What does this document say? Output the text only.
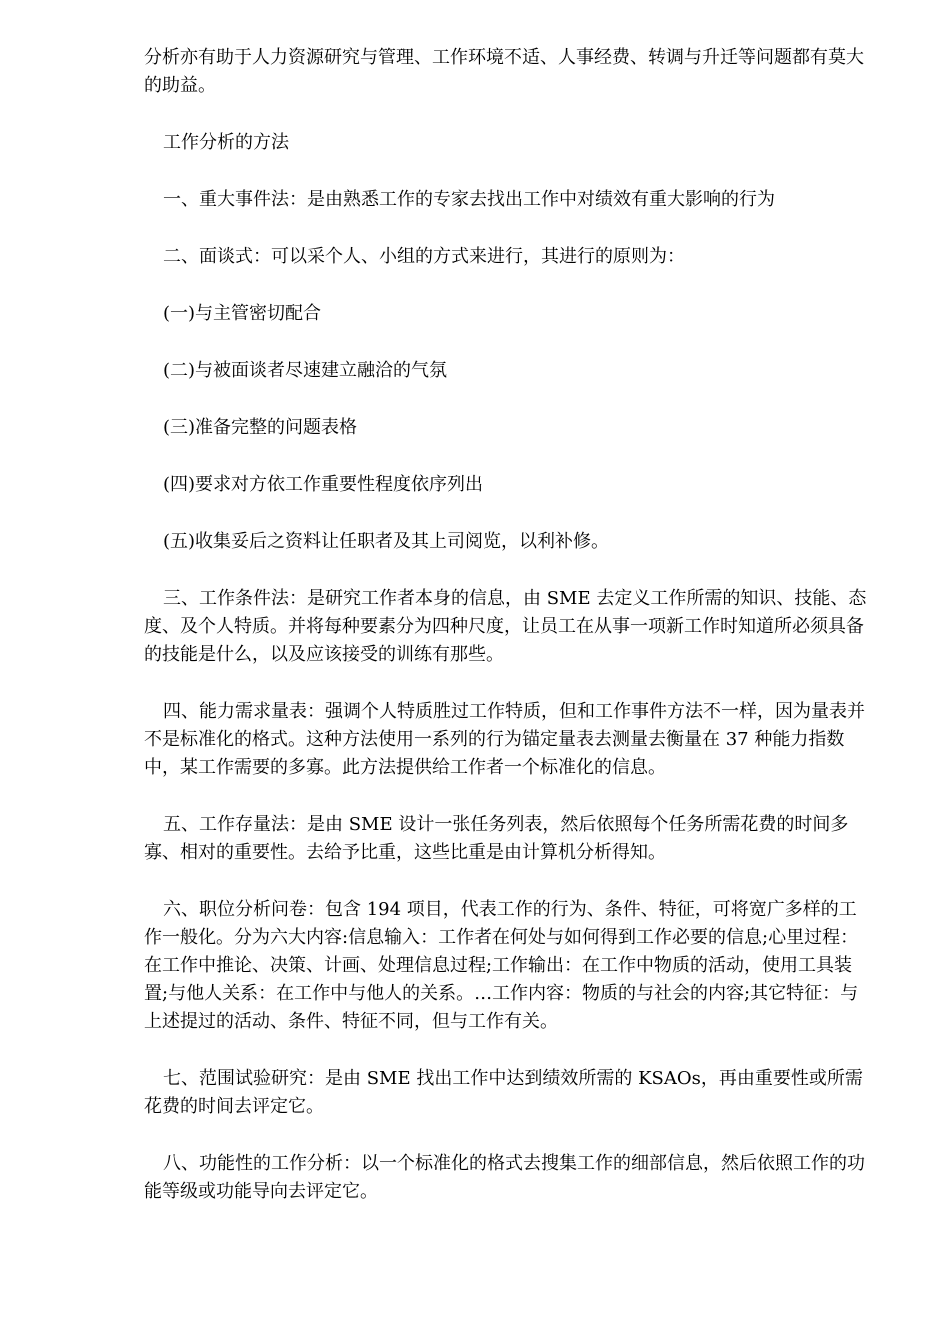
分析亦有助于人力资源研究与管理、工作环境不适、人事经费、转调与升迁等问题都有莫大的助益。

工作分析的方法

一、重大事件法：是由熟悉工作的专家去找出工作中对绩效有重大影响的行为

二、面谈式：可以采个人、小组的方式来进行，其进行的原则为：

(一)与主管密切配合

(二)与被面谈者尽速建立融洽的气氛

(三)准备完整的问题表格

(四)要求对方依工作重要性程度依序列出

(五)收集妥后之资料让任职者及其上司阅览，以利补修。

三、工作条件法：是研究工作者本身的信息，由 SME 去定义工作所需的知识、技能、态度、及个人特质。并将每种要素分为四种尺度，让员工在从事一项新工作时知道所必须具备的技能是什么，以及应该接受的训练有那些。

四、能力需求量表：强调个人特质胜过工作特质，但和工作事件方法不一样，因为量表并不是标准化的格式。这种方法使用一系列的行为锚定量表去测量去衡量在 37 种能力指数中，某工作需要的多寡。此方法提供给工作者一个标准化的信息。

五、工作存量法：是由 SME 设计一张任务列表，然后依照每个任务所需花费的时间多寡、相对的重要性。去给予比重，这些比重是由计算机分析得知。

六、职位分析问卷：包含 194 项目，代表工作的行为、条件、特征，可将宽广多样的工作一般化。分为六大内容:信息输入：工作者在何处与如何得到工作必要的信息;心里过程：在工作中推论、决策、计画、处理信息过程;工作输出：在工作中物质的活动，使用工具装置;与他人关系：在工作中与他人的关系。…工作内容：物质的与社会的内容;其它特征：与上述提过的活动、条件、特征不同，但与工作有关。

七、范围试验研究：是由 SME 找出工作中达到绩效所需的 KSAOs，再由重要性或所需花费的时间去评定它。

八、功能性的工作分析：以一个标准化的格式去搜集工作的细部信息，然后依照工作的功能等级或功能导向去评定它。
